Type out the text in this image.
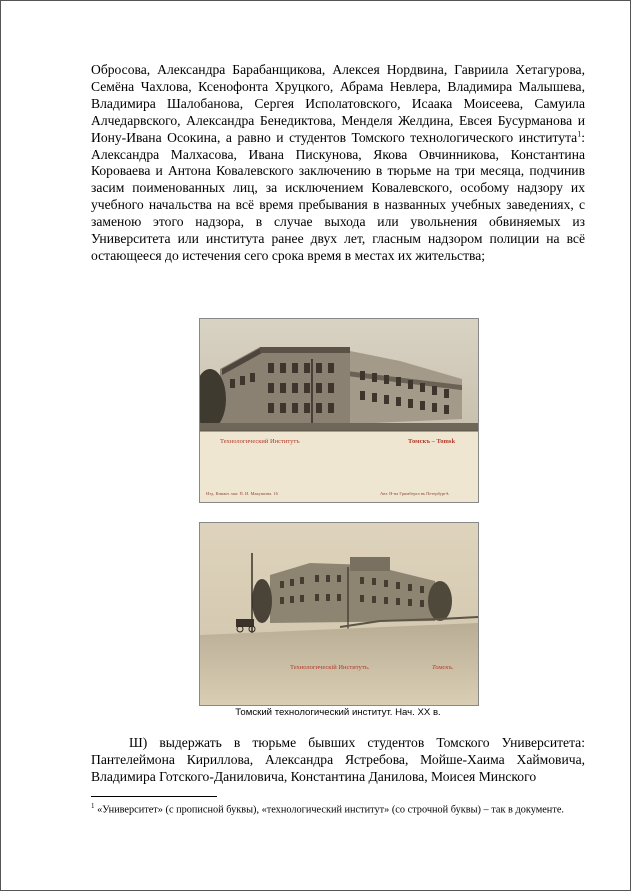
Обросова, Александра Барабанщикова, Алексея Нордвина, Гавриила Хетагурова, Семёна Чахлова, Ксенофонта Хруцкого, Абрама Невлера, Владимира Малышева, Владимира Шалобанова, Сергея Исполатовского, Исаака Моисеева, Самуила Алчедарвского, Александра Бенедиктова, Менделя Желдина, Евсея Бусурманова и Иону-Ивана Осокина, а равно и студентов Томского технологического института$^1$: Александра Малхасова, Ивана Пискунова, Якова Овчинникова, Константина Короваева и Антона Ковалевского заключению в тюрьме на три месяца, подчинив засим поименованных лиц, за исключением Ковалевского, особому надзору их учебного начальства на всё время пребывания в названных учебных заведениях, с заменою этого надзора, в случае выхода или увольнения обвиняемых из Университета или института ранее двух лет, гласным надзором полиции на всё остающееся до истечения сего срока время в местах их жительства;

Технологический Институтъ	Томскъ – Tomsk
Изд. Книжн. маг. П. И. Макушина. 16	Авт. Н-на Гримберга въ Петербургѣ
Технологическій Институтъ.	Томскъ.
Томский технологический институт. Нач. XX в.

Ш) выдержать в тюрьме бывших студентов Томского Университета: Пантелеймона Кириллова, Александра Ястребова, Мойше-Хаима Хаймовича, Владимира Готского-Даниловича, Константина Данилова, Моисея Минского

$^1$ «Университет» (с прописной буквы), «технологический институт» (со строчной буквы) – так в документе.
